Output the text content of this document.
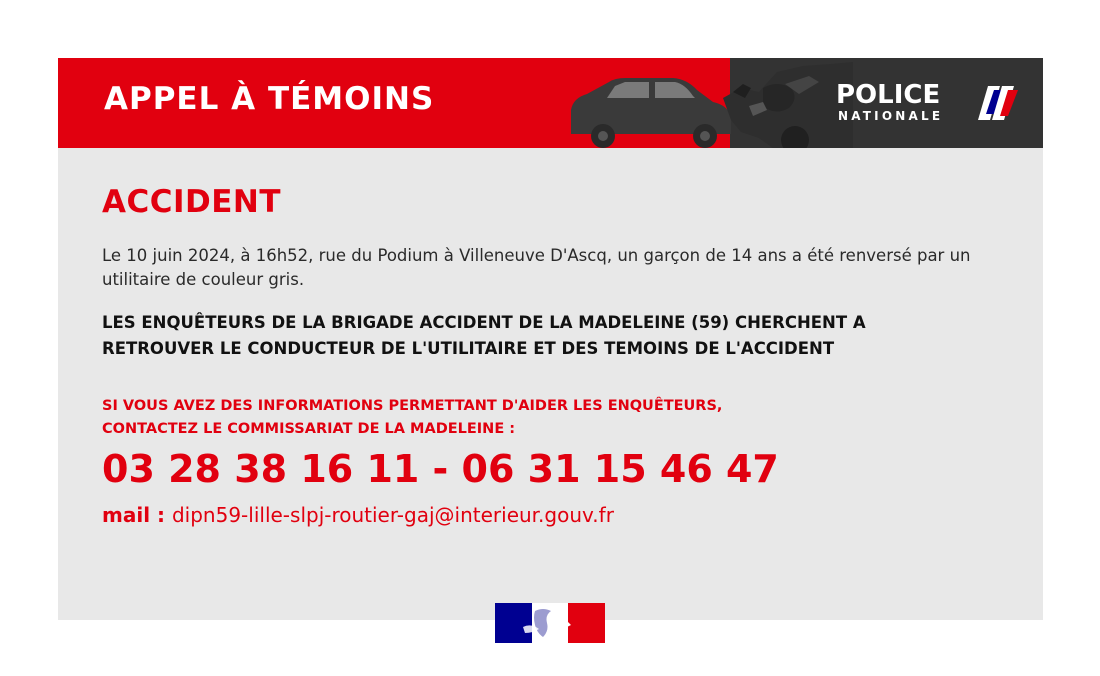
APPEL À TÉMOINS	POLICE
NATIONALE
ACCIDENT
Le 10 juin 2024, à 16h52, rue du Podium à Villeneuve D'Ascq, un garçon de 14 ans a été renversé par un utilitaire de couleur gris.
LES ENQUÊTEURS DE LA BRIGADE ACCIDENT DE LA MADELEINE (59) CHERCHENT A
RETROUVER LE CONDUCTEUR DE L'UTILITAIRE ET DES TEMOINS DE L'ACCIDENT
SI VOUS AVEZ DES INFORMATIONS PERMETTANT D'AIDER LES ENQUÊTEURS,
CONTACTEZ LE COMMISSARIAT DE LA MADELEINE :
03 28 38 16 11 - 06 31 15 46 47
mail : dipn59-lille-slpj-routier-gaj@interieur.gouv.fr
